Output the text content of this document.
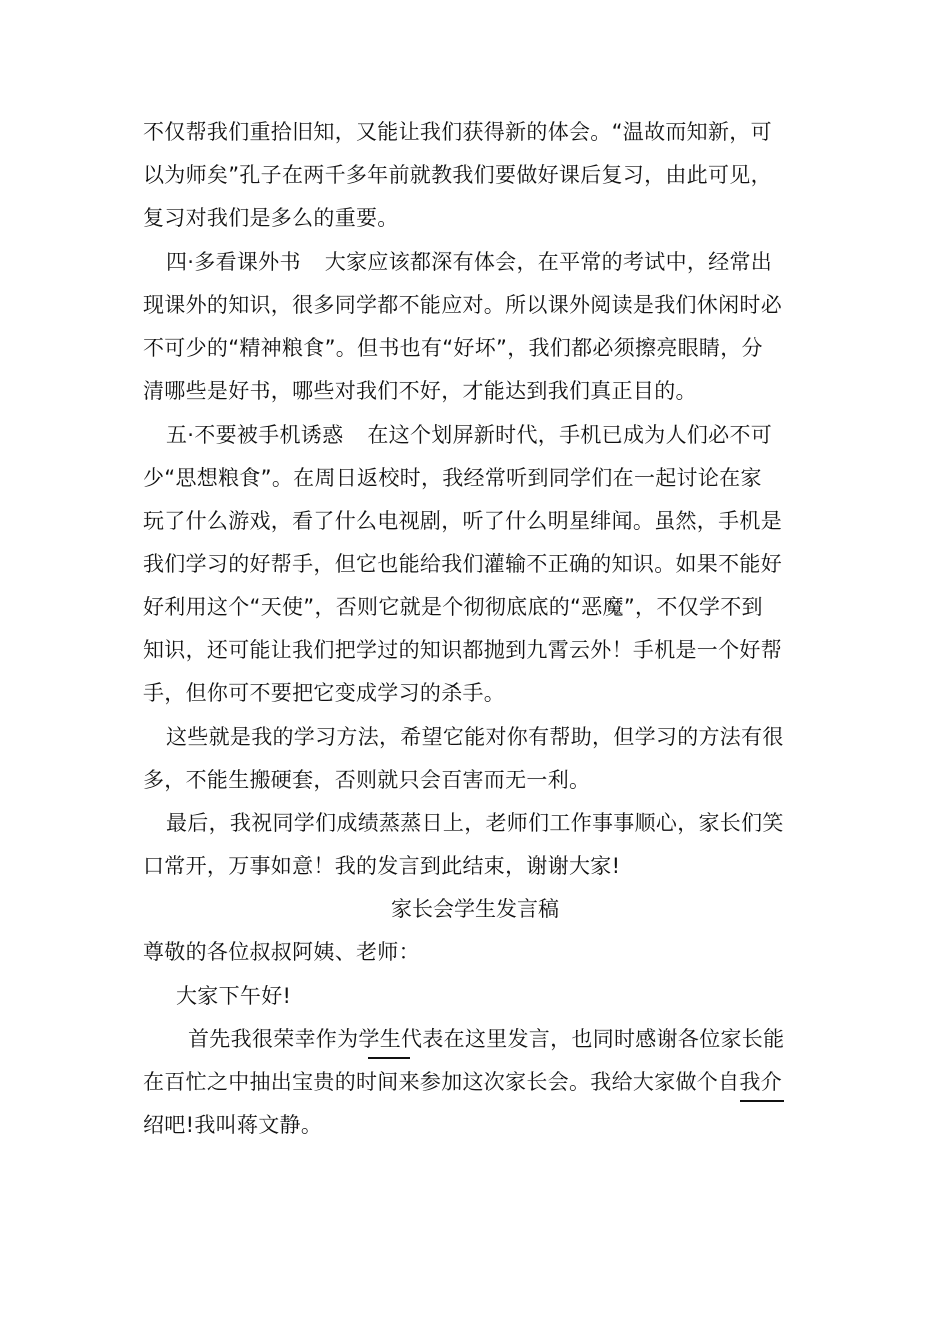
不仅帮我们重拾旧知，又能让我们获得新的体会。“温故而知新，可
以为师矣”孔子在两千多年前就教我们要做好课后复习，由此可见，
复习对我们是多么的重要。
四·多看课外书 大家应该都深有体会，在平常的考试中，经常出
现课外的知识，很多同学都不能应对。所以课外阅读是我们休闲时必
不可少的“精神粮食”。但书也有“好坏”，我们都必须擦亮眼睛，分
清哪些是好书，哪些对我们不好，才能达到我们真正目的。
五·不要被手机诱惑 在这个划屏新时代，手机已成为人们必不可
少“思想粮食”。在周日返校时，我经常听到同学们在一起讨论在家
玩了什么游戏，看了什么电视剧，听了什么明星绯闻。虽然，手机是
我们学习的好帮手，但它也能给我们灌输不正确的知识。如果不能好
好利用这个“天使”，否则它就是个彻彻底底的“恶魔”，不仅学不到
知识，还可能让我们把学过的知识都抛到九霄云外！手机是一个好帮
手，但你可不要把它变成学习的杀手。
这些就是我的学习方法，希望它能对你有帮助，但学习的方法有很
多，不能生搬硬套，否则就只会百害而无一利。
最后，我祝同学们成绩蒸蒸日上，老师们工作事事顺心，家长们笑
口常开，万事如意！我的发言到此结束，谢谢大家!
家长会学生发言稿
尊敬的各位叔叔阿姨、老师：
大家下午好!
首先我很荣幸作为学生代表在这里发言，也同时感谢各位家长能
在百忙之中抽出宝贵的时间来参加这次家长会。我给大家做个自我介
绍吧!我叫蒋文静。
